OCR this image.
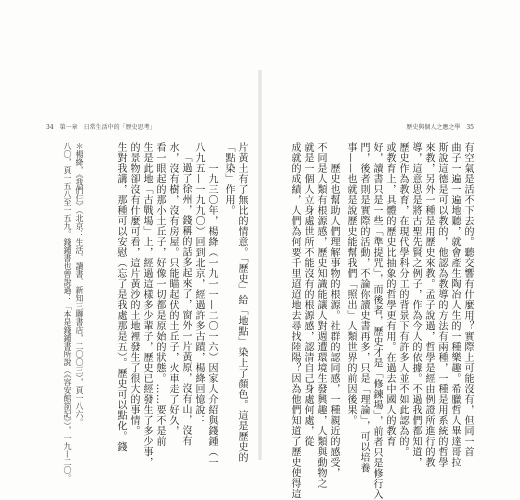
34　第一章　日常生活中的「歷史思考」	歷史與個人之應之學　35
有空氣是活不下去的。聽交響有什麼用？實際上可能沒有，但同一首
曲子一遍一遍地聽，就會產生陶冶人生的一種樂趣。希臘哲人畢達哥拉
斯說這德是可以教的，他認為教導的方法有兩種，一種是用系統的哲學
來教，另外一種是用歷史來教。孟子說過，哲學是經由例證所進行的教
導，這意思是將古聖先賢之例子，作為今人的依據。不過我們都知道，
歷史作為教育，在現代學科分工的背景下有許多人並不如此認為的。
或教育上，具體的歷史比抽象的哲學更有用。在過去中國人的教育
好，讀書只是一些「準提咒」，而後者，歷史才是「修鍊場」，前者只是修行入
門，後者則是實際的活動，不論你讀史書再多，只是「理論」，可以培養
事——也就是說歷史能幫我們「照出」人類世界的前因後果。
　　歷史也幫助人們理解事物的根源。社群的認同感，一種親近的感受，
不同是人類有根源感，歷史知識能讓人對週遭環境生發興趣，人類與動物之
就是一個人立身處世所不能沒有的根源感，認清自己身處何處，從
成就的成績，人們為何要千里迢迢地去尋找陸陽？因為他們知道了歷史使得這
片黃土有了無比的情意。「歷史」給「地點」染上了顏色。這是歷史的
「點染」作用。
　　一九三〇年，楊絳（一九一一—二〇一六）因家人介紹與錢鍾（一
八九五—一九九〇）回到北京，經過許多古蹟，楊絳回憶說：
「過了徐州，錢稱的話多起來了，窗外一片黃原，沒有山，沒有
水，沒有樹，沒有房屋。只能瞄起伏的土丘子，火車走了好久，
看一眼起的那小土丘子，好像一切都是原始的狀態。……要不是前
生是此地「古戰場」上，經過這樣多少輩子，歷史已經發生了多少事，
的景物卻沒有什麼可看，這片黃沙的土地裡發生了很大的事情。
生對我講，那種可以安慰（忘了是我處那是五）。歷史可以點化。錢
＊楊絳，《我們仨》（北京：生活．讀書．新知三聯書店，二〇〇三），頁一八六。
八〇，頁一五八至一五九。錢鍾書也曾說過：「本是錢鍾書所說（《容安館箚記》），一九—二〇。
